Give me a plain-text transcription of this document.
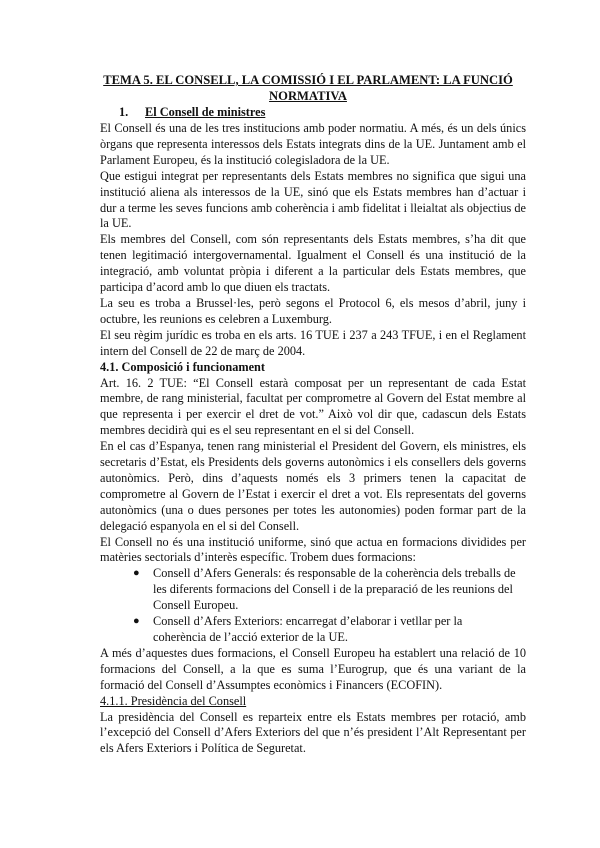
TEMA 5. EL CONSELL, LA COMISSIÓ I EL PARLAMENT: LA FUNCIÓ NORMATIVA
1. El Consell de ministres

El Consell és una de les tres institucions amb poder normatiu. A més, és un dels únics òrgans que representa interessos dels Estats integrats dins de la UE. Juntament amb el Parlament Europeu, és la institució colegisladora de la UE.

Que estigui integrat per representants dels Estats membres no significa que sigui una institució aliena als interessos de la UE, sinó que els Estats membres han d’actuar i dur a terme les seves funcions amb coherència i amb fidelitat i lleialtat als objectius de la UE.

Els membres del Consell, com són representants dels Estats membres, s’ha dit que tenen legitimació intergovernamental. Igualment el Consell és una institució de la integració, amb voluntat pròpia i diferent a la particular dels Estats membres, que participa d’acord amb lo que diuen els tractats.

La seu es troba a Brussel·les, però segons el Protocol 6, els mesos d’abril, juny i octubre, les reunions es celebren a Luxemburg.

El seu règim jurídic es troba en els arts. 16 TUE i 237 a 243 TFUE, i en el Reglament intern del Consell de 22 de març de 2004.

4.1. Composició i funcionament

Art. 16. 2 TUE: “El Consell estarà composat per un representant de cada Estat membre, de rang ministerial, facultat per comprometre al Govern del Estat membre al que representa i per exercir el dret de vot.” Això vol dir que, cadascun dels Estats membres decidirà qui es el seu representant en el si del Consell.

En el cas d’Espanya, tenen rang ministerial el President del Govern, els ministres, els secretaris d’Estat, els Presidents dels governs autonòmics i els consellers dels governs autonòmics. Però, dins d’aquests només els 3 primers tenen la capacitat de comprometre al Govern de l’Estat i exercir el dret a vot. Els representats del governs autonòmics (una o dues persones per totes les autonomies) poden formar part de la delegació espanyola en el si del Consell.

El Consell no és una institució uniforme, sinó que actua en formacions dividides per matèries sectorials d’interès específic. Trobem dues formacions:

● Consell d’Afers Generals: és responsable de la coherència dels treballs de les diferents formacions del Consell i de la preparació de les reunions del Consell Europeu.
● Consell d’Afers Exteriors: encarregat d’elaborar i vetllar per la coherència de l’acció exterior de la UE.

A més d’aquestes dues formacions, el Consell Europeu ha establert una relació de 10 formacions del Consell, a la que es suma l’Eurogrup, que és una variant de la formació del Consell d’Assumptes econòmics i Financers (ECOFIN).

4.1.1. Presidència del Consell

La presidència del Consell es reparteix entre els Estats membres per rotació, amb l’excepció del Consell d’Afers Exteriors del que n’és president l’Alt Representant per els Afers Exteriors i Política de Seguretat.
